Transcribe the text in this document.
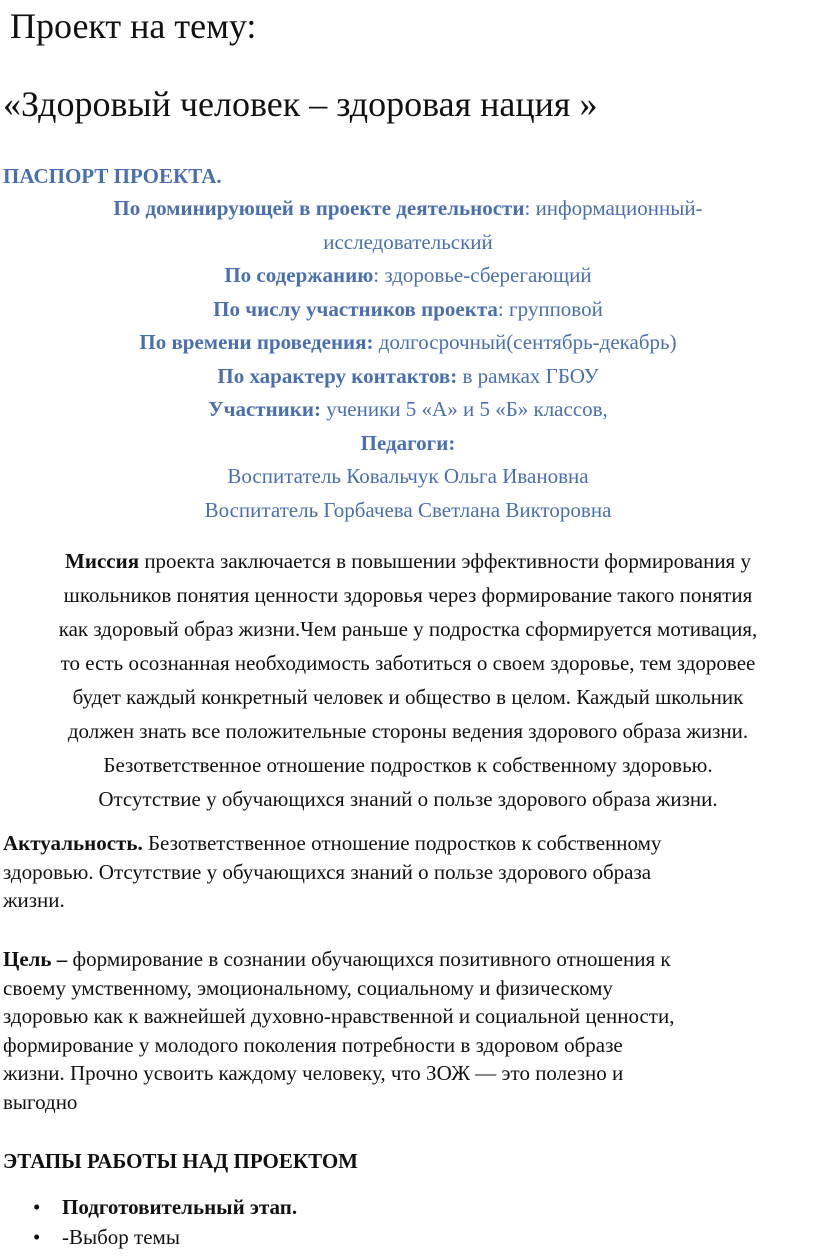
Проект на тему:
«Здоровый человек – здоровая нация »
ПАСПОРТ ПРОЕКТА.
По доминирующей в проекте деятельности: информационный-
исследовательский
По содержанию: здоровье-сберегающий
По числу участников проекта: групповой
По времени проведения: долгосрочный(сентябрь-декабрь)
По характеру контактов: в рамках ГБОУ
Участники: ученики 5 «А» и 5 «Б» классов,
Педагоги:
Воспитатель Ковальчук Ольга Ивановна
Воспитатель Горбачева Светлана Викторовна
Миссия проекта заключается в повышении эффективности формирования у
школьников понятия ценности здоровья через формирование такого понятия
как здоровый образ жизни.Чем раньше у подростка сформируется мотивация,
то есть осознанная необходимость заботиться о своем здоровье, тем здоровее
будет каждый конкретный человек и общество в целом. Каждый школьник
должен знать все положительные стороны ведения здорового образа жизни.
Безответственное отношение подростков к собственному здоровью.
Отсутствие у обучающихся знаний о пользе здорового образа жизни.
Актуальность. Безответственное отношение подростков к собственному
здоровью. Отсутствие у обучающихся знаний о пользе здорового образа
жизни.
Цель – формирование в сознании обучающихся позитивного отношения к
своему умственному, эмоциональному, социальному и физическому
здоровью как к важнейшей духовно-нравственной и социальной ценности,
формирование у молодого поколения потребности в здоровом образе
жизни. Прочно усвоить каждому человеку, что ЗОЖ — это полезно и
выгодно
ЭТАПЫ РАБОТЫ НАД ПРОЕКТОМ
• Подготовительный этап.
• -Выбор темы
